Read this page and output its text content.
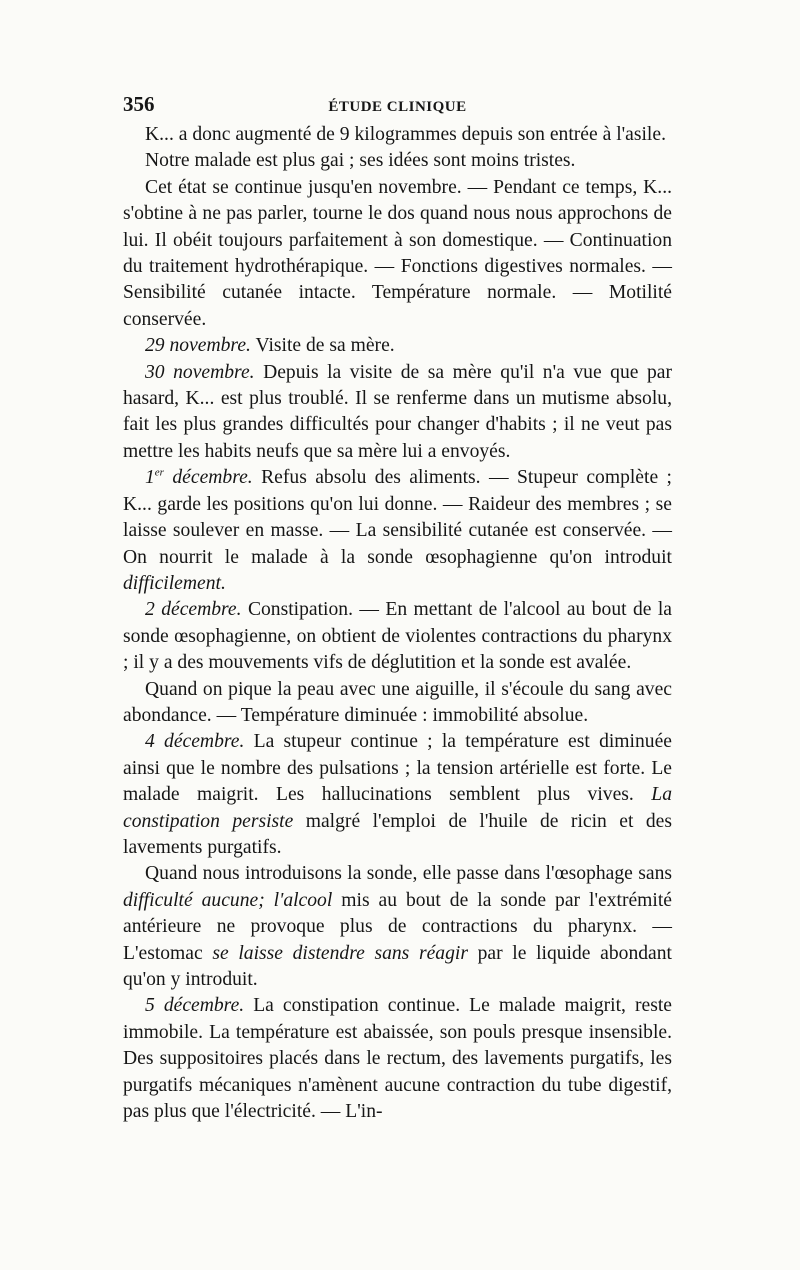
356	ÉTUDE CLINIQUE

K... a donc augmenté de 9 kilogrammes depuis son entrée à l'asile.

Notre malade est plus gai ; ses idées sont moins tristes.

Cet état se continue jusqu'en novembre. — Pendant ce temps, K... s'obtine à ne pas parler, tourne le dos quand nous nous approchons de lui. Il obéit toujours parfaitement à son domestique. — Continuation du traitement hydrothérapique. — Fonctions digestives normales. — Sensibilité cutanée intacte. Température normale. — Motilité conservée.

29 novembre. Visite de sa mère.

30 novembre. Depuis la visite de sa mère qu'il n'a vue que par hasard, K... est plus troublé. Il se renferme dans un mutisme absolu, fait les plus grandes difficultés pour changer d'habits ; il ne veut pas mettre les habits neufs que sa mère lui a envoyés.

1er décembre. Refus absolu des aliments. — Stupeur complète ; K... garde les positions qu'on lui donne. — Raideur des membres ; se laisse soulever en masse. — La sensibilité cutanée est conservée. — On nourrit le malade à la sonde œsophagienne qu'on introduit difficilement.

2 décembre. Constipation. — En mettant de l'alcool au bout de la sonde œsophagienne, on obtient de violentes contractions du pharynx ; il y a des mouvements vifs de déglutition et la sonde est avalée.

Quand on pique la peau avec une aiguille, il s'écoule du sang avec abondance. — Température diminuée : immobilité absolue.

4 décembre. La stupeur continue ; la température est diminuée ainsi que le nombre des pulsations ; la tension artérielle est forte. Le malade maigrit. Les hallucinations semblent plus vives. La constipation persiste malgré l'emploi de l'huile de ricin et des lavements purgatifs.

Quand nous introduisons la sonde, elle passe dans l'œsophage sans difficulté aucune; l'alcool mis au bout de la sonde par l'extrémité antérieure ne provoque plus de contractions du pharynx. — L'estomac se laisse distendre sans réagir par le liquide abondant qu'on y introduit.

5 décembre. La constipation continue. Le malade maigrit, reste immobile. La température est abaissée, son pouls presque insensible. Des suppositoires placés dans le rectum, des lavements purgatifs, les purgatifs mécaniques n'amènent aucune contraction du tube digestif, pas plus que l'électricité. — L'in-
